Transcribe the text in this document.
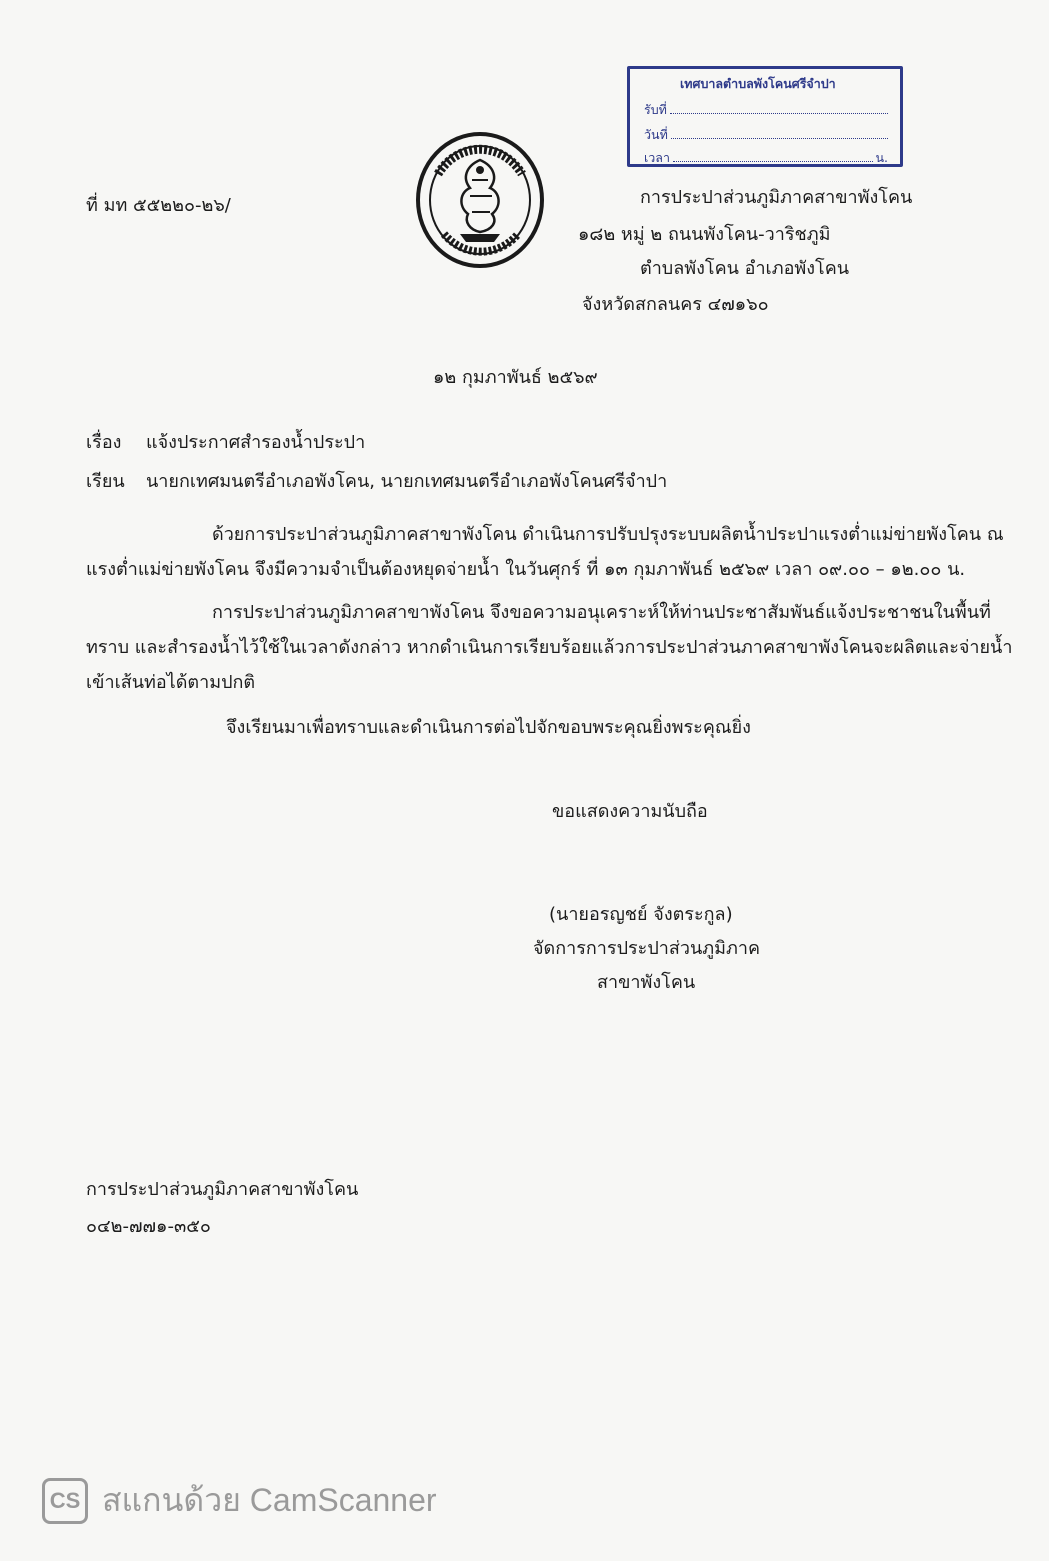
เทศบาลตำบลพังโคนศรีจำปา
รับที่
วันที่
เวลา	น.
ที่ มท ๕๕๒๒๐-๒๖/	การประปาส่วนภูมิภาคสาขาพังโคน
๑๘๒ หมู่ ๒ ถนนพังโคน-วาริชภูมิ
ตำบลพังโคน อำเภอพังโคน
จังหวัดสกลนคร ๔๗๑๖๐
๑๒ กุมภาพันธ์ ๒๕๖๙
เรื่อง แจ้งประกาศสำรองน้ำประปา
เรียน นายกเทศมนตรีอำเภอพังโคน, นายกเทศมนตรีอำเภอพังโคนศรีจำปา
ด้วยการประปาส่วนภูมิภาคสาขาพังโคน ดำเนินการปรับปรุงระบบผลิตน้ำประปาแรงต่ำแม่ข่ายพังโคน ณ
แรงต่ำแม่ข่ายพังโคน จึงมีความจำเป็นต้องหยุดจ่ายน้ำ ในวันศุกร์ ที่ ๑๓ กุมภาพันธ์ ๒๕๖๙ เวลา ๐๙.๐๐ – ๑๒.๐๐ น.
การประปาส่วนภูมิภาคสาขาพังโคน จึงขอความอนุเคราะห์ให้ท่านประชาสัมพันธ์แจ้งประชาชนในพื้นที่
ทราบ และสำรองน้ำไว้ใช้ในเวลาดังกล่าว หากดำเนินการเรียบร้อยแล้วการประปาส่วนภาคสาขาพังโคนจะผลิตและจ่ายน้ำ
เข้าเส้นท่อได้ตามปกติ
จึงเรียนมาเพื่อทราบและดำเนินการต่อไปจักขอบพระคุณยิ่งพระคุณยิ่ง
ขอแสดงความนับถือ
(นายอรญชย์ จังตระกูล)
จัดการการประปาส่วนภูมิภาค
สาขาพังโคน
การประปาส่วนภูมิภาคสาขาพังโคน
๐๔๒-๗๗๑-๓๕๐
CS สแกนด้วย CamScanner
